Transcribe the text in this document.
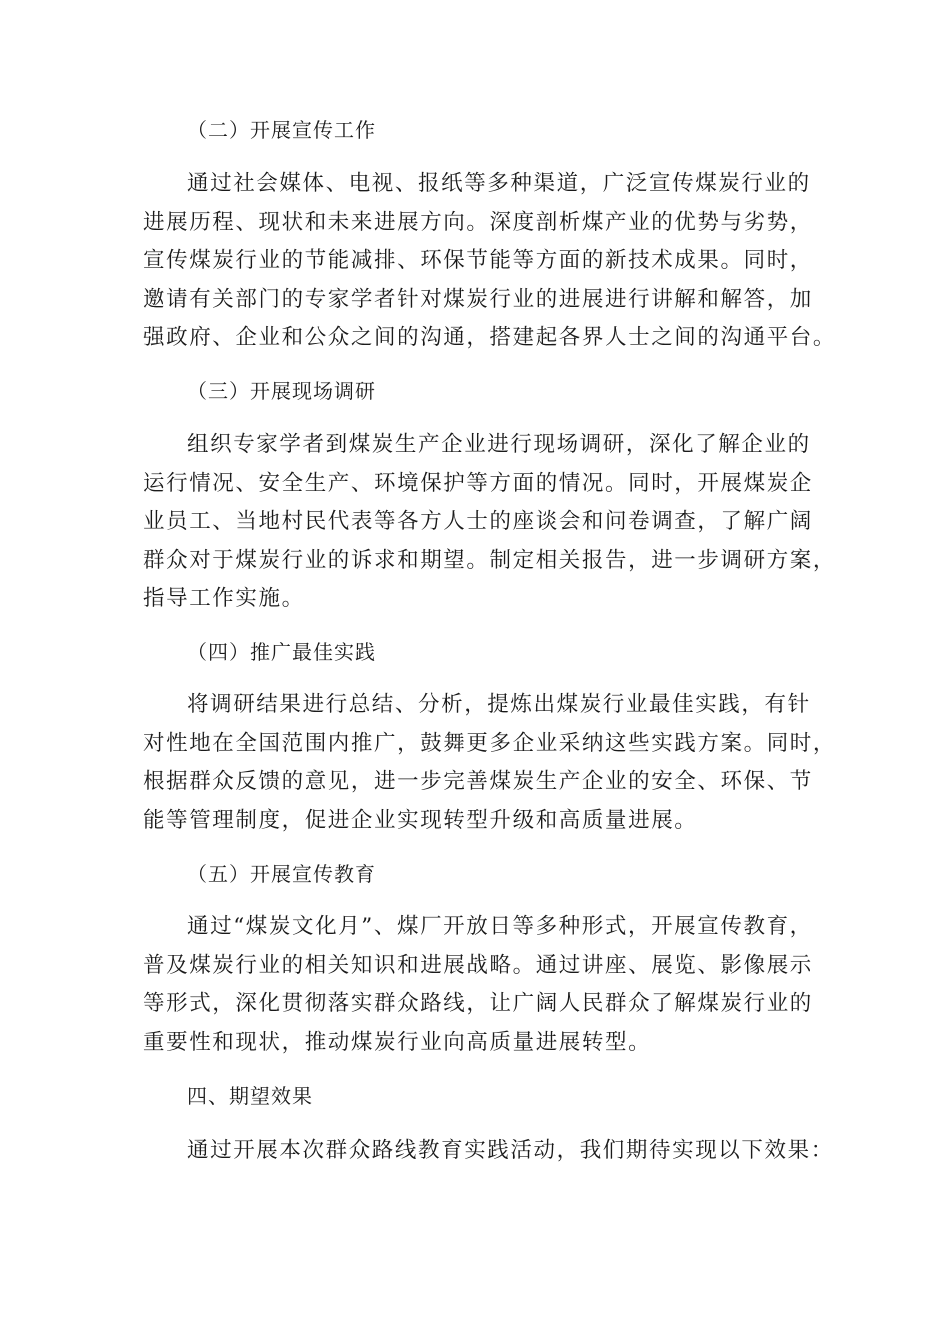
（二）开展宣传工作
通过社会媒体、电视、报纸等多种渠道，广泛宣传煤炭行业的
进展历程、现状和未来进展方向。深度剖析煤产业的优势与劣势，
宣传煤炭行业的节能减排、环保节能等方面的新技术成果。同时，
邀请有关部门的专家学者针对煤炭行业的进展进行讲解和解答，加
强政府、企业和公众之间的沟通，搭建起各界人士之间的沟通平台。
（三）开展现场调研
组织专家学者到煤炭生产企业进行现场调研，深化了解企业的
运行情况、安全生产、环境保护等方面的情况。同时，开展煤炭企
业员工、当地村民代表等各方人士的座谈会和问卷调查，了解广阔
群众对于煤炭行业的诉求和期望。制定相关报告，进一步调研方案，
指导工作实施。
（四）推广最佳实践
将调研结果进行总结、分析，提炼出煤炭行业最佳实践，有针
对性地在全国范围内推广，鼓舞更多企业采纳这些实践方案。同时，
根据群众反馈的意见，进一步完善煤炭生产企业的安全、环保、节
能等管理制度，促进企业实现转型升级和高质量进展。
（五）开展宣传教育
通过“煤炭文化月”、煤厂开放日等多种形式，开展宣传教育，
普及煤炭行业的相关知识和进展战略。通过讲座、展览、影像展示
等形式，深化贯彻落实群众路线，让广阔人民群众了解煤炭行业的
重要性和现状，推动煤炭行业向高质量进展转型。
四、期望效果
通过开展本次群众路线教育实践活动，我们期待实现以下效果：
